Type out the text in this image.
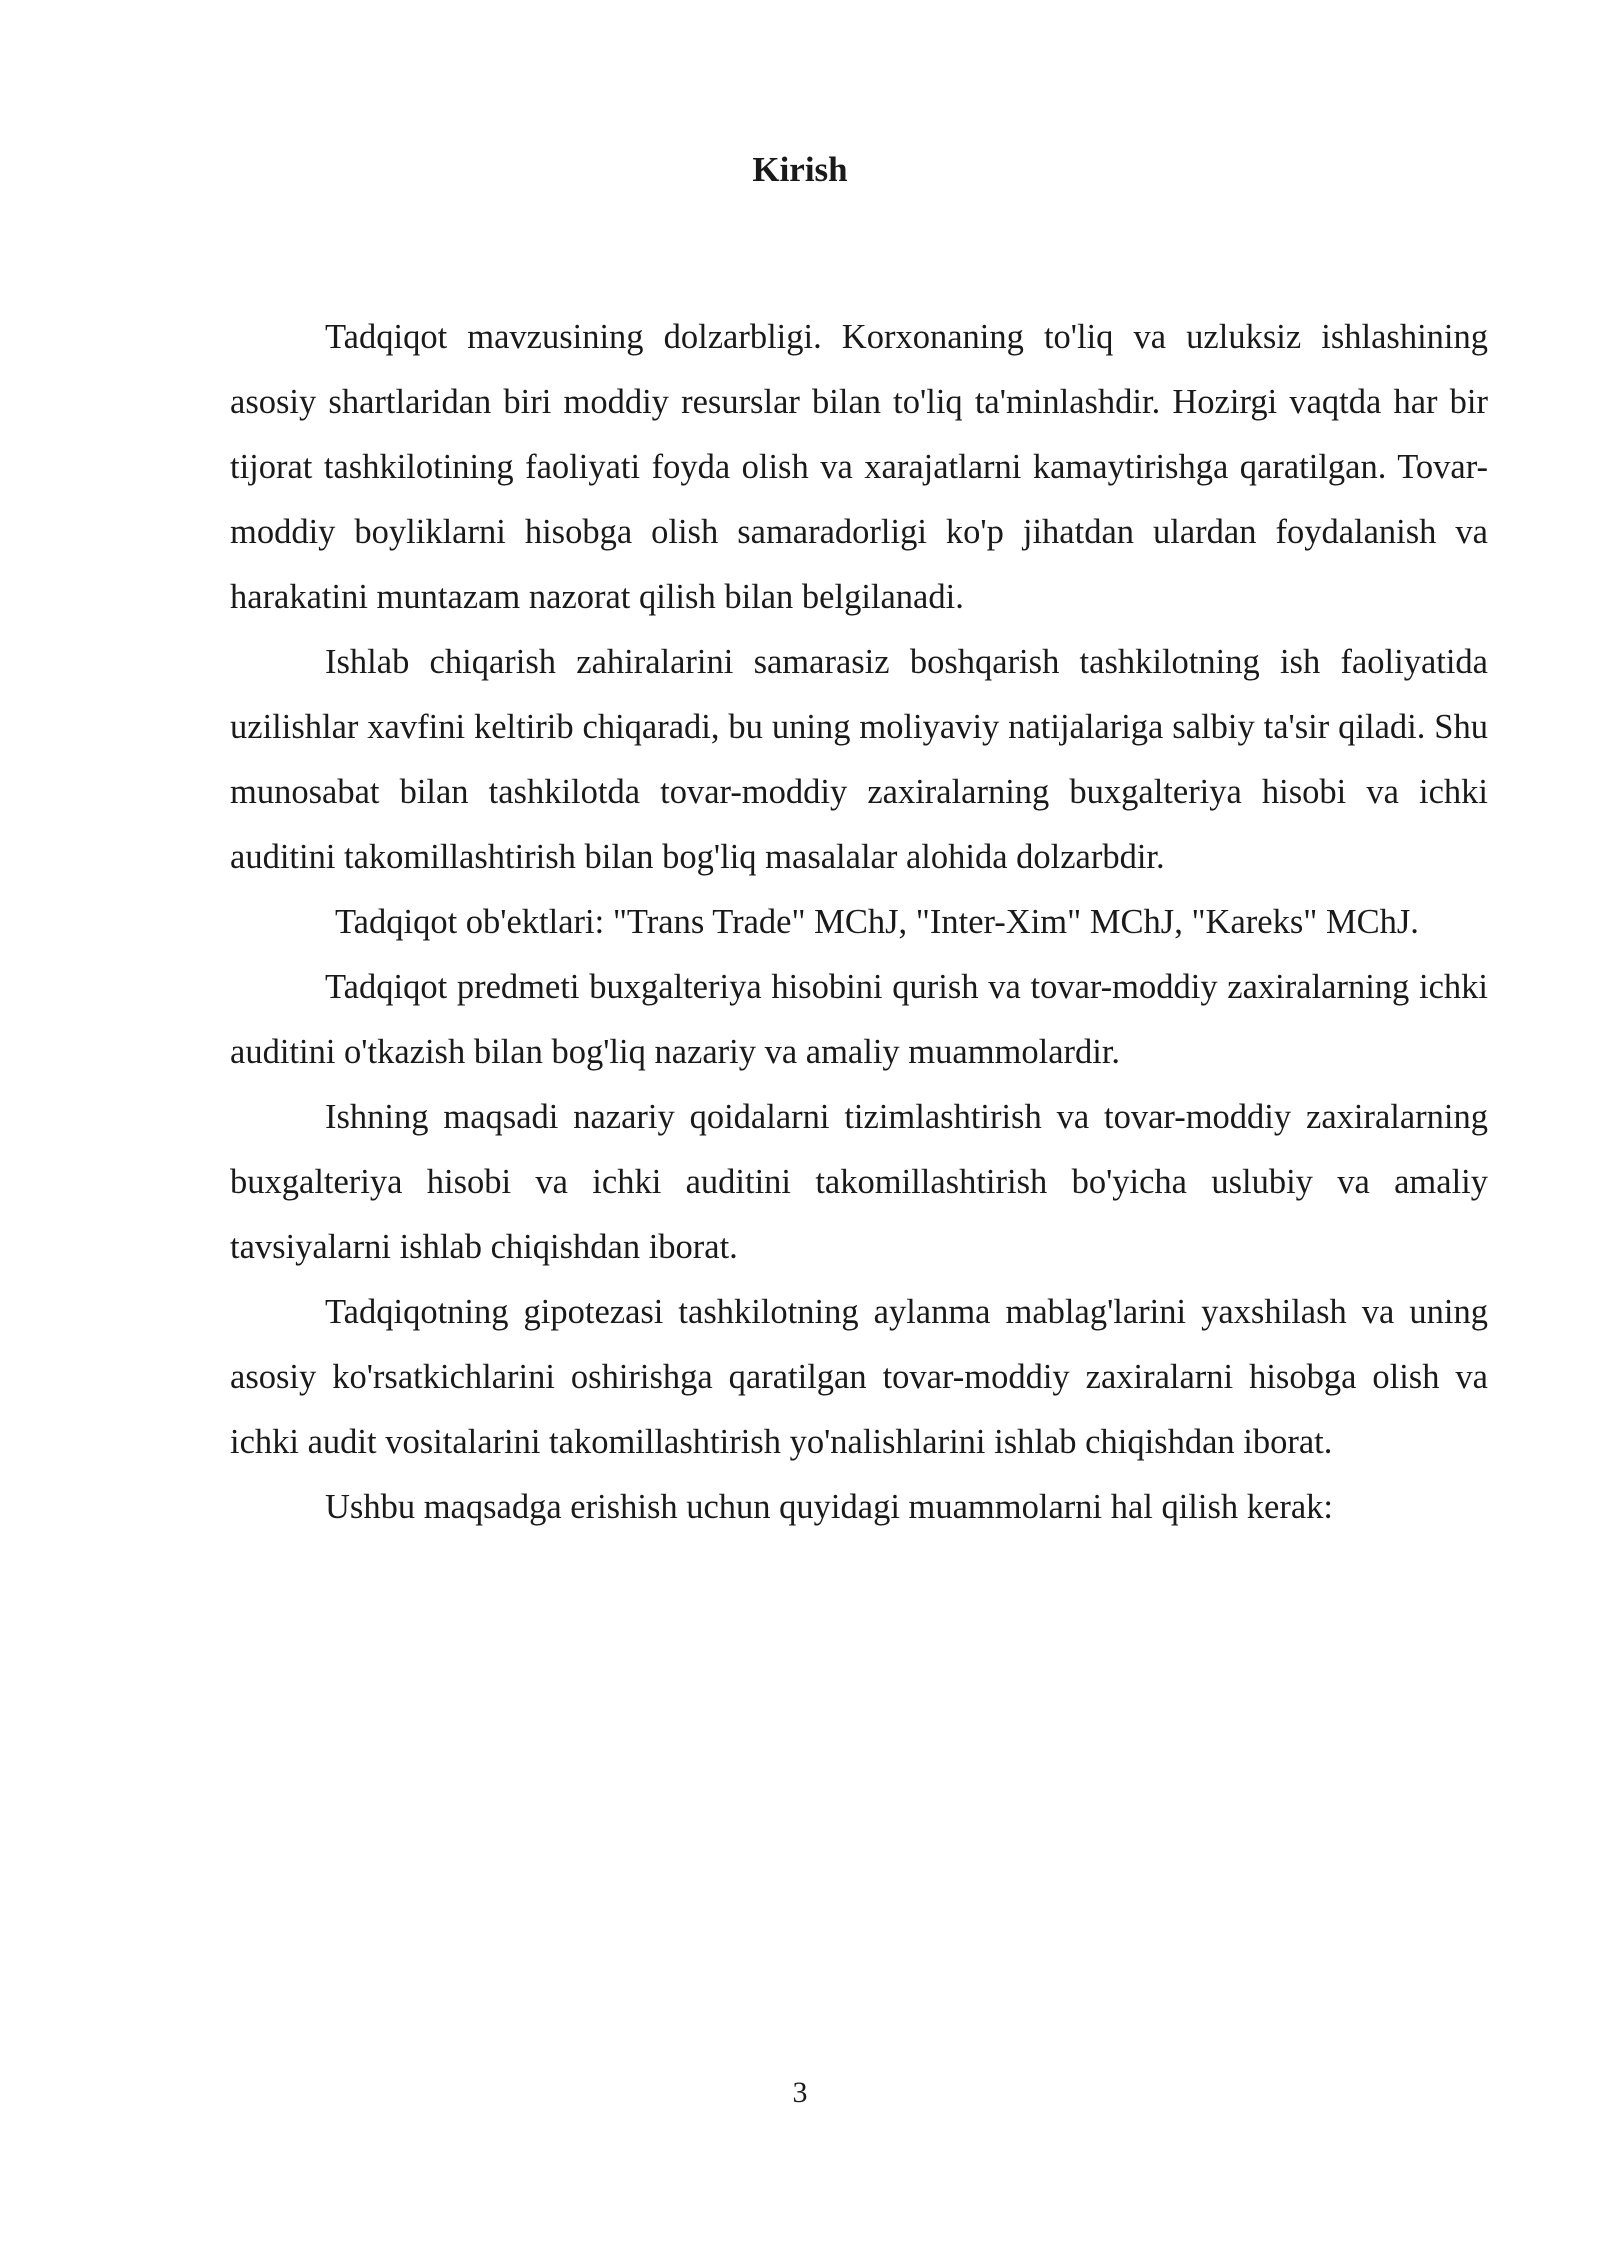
Kirish

Tadqiqot mavzusining dolzarbligi. Korxonaning to'liq va uzluksiz ishlashining asosiy shartlaridan biri moddiy resurslar bilan to'liq ta'minlashdir. Hozirgi vaqtda har bir tijorat tashkilotining faoliyati foyda olish va xarajatlarni kamaytirishga qaratilgan. Tovar-moddiy boyliklarni hisobga olish samaradorligi ko'p jihatdan ulardan foydalanish va harakatini muntazam nazorat qilish bilan belgilanadi.

Ishlab chiqarish zahiralarini samarasiz boshqarish tashkilotning ish faoliyatida uzilishlar xavfini keltirib chiqaradi, bu uning moliyaviy natijalariga salbiy ta'sir qiladi. Shu munosabat bilan tashkilotda tovar-moddiy zaxiralarning buxgalteriya hisobi va ichki auditini takomillashtirish bilan bog'liq masalalar alohida dolzarbdir.

Tadqiqot ob'ektlari: "Trans Trade" MChJ, "Inter-Xim" MChJ, "Kareks" MChJ.

Tadqiqot predmeti buxgalteriya hisobini qurish va tovar-moddiy zaxiralarning ichki auditini o'tkazish bilan bog'liq nazariy va amaliy muammolardir.

Ishning maqsadi nazariy qoidalarni tizimlashtirish va tovar-moddiy zaxiralarning buxgalteriya hisobi va ichki auditini takomillashtirish bo'yicha uslubiy va amaliy tavsiyalarni ishlab chiqishdan iborat.

Tadqiqotning gipotezasi tashkilotning aylanma mablag'larini yaxshilash va uning asosiy ko'rsatkichlarini oshirishga qaratilgan tovar-moddiy zaxiralarni hisobga olish va ichki audit vositalarini takomillashtirish yo'nalishlarini ishlab chiqishdan iborat.

Ushbu maqsadga erishish uchun quyidagi muammolarni hal qilish kerak:

3
